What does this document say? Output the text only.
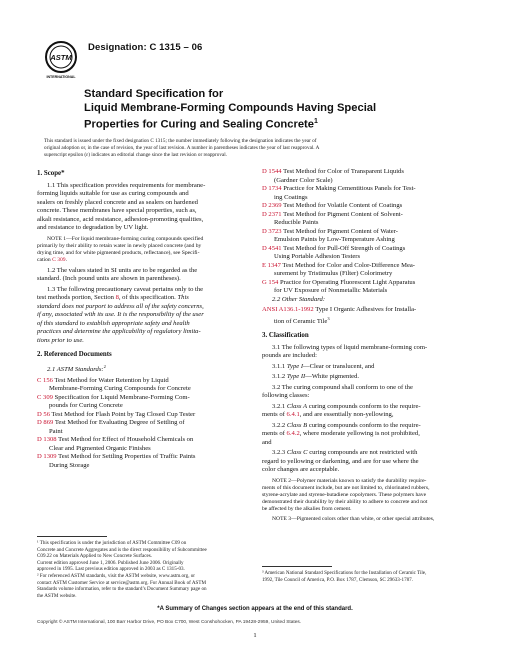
ASTM
INTERNATIONAL
Designation: C 1315 – 06
Standard Specification for
Liquid Membrane-Forming Compounds Having Special
Properties for Curing and Sealing Concrete$^1$
This standard is issued under the fixed designation C 1315; the number immediately following the designation indicates the year of
original adoption or, in the case of revision, the year of last revision. A number in parentheses indicates the year of last reapproval. A
superscript epsilon (ε) indicates an editorial change since the last revision or reapproval.
1. Scope*
1.1 This specification provides requirements for membrane-
forming liquids suitable for use as curing compounds and
sealers on freshly placed concrete and as sealers on hardened
concrete. These membranes have special properties, such as,
alkali resistance, acid resistance, adhesion-promoting qualities,
and resistance to degradation by UV light.
NOTE 1—For liquid membrane-forming curing compounds specified
primarily by their ability to retain water in newly placed concrete (and by
drying time, and for white pigmented products, reflectance), see Specifi-
cation C 309.
1.2 The values stated in SI units are to be regarded as the
standard. (Inch pound units are shown in parentheses).
1.3 The following precautionary caveat pertains only to the
test methods portion, Section 8, of this specification. This
standard does not purport to address all of the safety concerns,
if any, associated with its use. It is the responsibility of the user
of this standard to establish appropriate safety and health
practices and determine the applicability of regulatory limita-
tions prior to use.
2. Referenced Documents
2.1 ASTM Standards:$^2$
C 156 Test Method for Water Retention by Liquid
Membrane-Forming Curing Compounds for Concrete
C 309 Specification for Liquid Membrane-Forming Com-
pounds for Curing Concrete
D 56 Test Method for Flash Point by Tag Closed Cup Tester
D 869 Test Method for Evaluating Degree of Settling of
Paint
D 1308 Test Method for Effect of Household Chemicals on
Clear and Pigmented Organic Finishes
D 1309 Test Method for Settling Properties of Traffic Paints
During Storage
D 1544 Test Method for Color of Transparent Liquids
(Gardner Color Scale)
D 1734 Practice for Making Cementitious Panels for Test-
ing Coatings
D 2369 Test Method for Volatile Content of Coatings
D 2371 Test Method for Pigment Content of Solvent-
Reducible Paints
D 3723 Test Method for Pigment Content of Water-
Emulsion Paints by Low-Temperature Ashing
D 4541 Test Method for Pull-Off Strength of Coatings
Using Portable Adhesion Testers
E 1347 Test Method for Color and Color-Difference Mea-
surement by Tristimulus (Filter) Colorimetry
G 154 Practice for Operating Fluorescent Light Apparatus
for UV Exposure of Nonmetallic Materials
2.2 Other Standard:
ANSI A136.1-1992 Type I Organic Adhesives for Installa-
tion of Ceramic Tile$^3$
3. Classification
3.1 The following types of liquid membrane-forming com-
pounds are included:
3.1.1 Type I—Clear or translucent, and
3.1.2 Type II—White pigmented.
3.2 The curing compound shall conform to one of the
following classes:
3.2.1 Class A curing compounds conform to the require-
ments of 6.4.1, and are essentially non-yellowing,
3.2.2 Class B curing compounds conform to the require-
ments of 6.4.2, where moderate yellowing is not prohibited,
and
3.2.3 Class C curing compounds are not restricted with
regard to yellowing or darkening, and are for use where the
color changes are acceptable.
NOTE 2—Polymer materials known to satisfy the durability require-
ments of this document include, but are not limited to, chlorinated rubbers,
styrene-acrylate and styrene-butadiene copolymers. These polymers have
demonstrated their durability by their ability to adhere to concrete and not
be affected by the alkalies from cement.
NOTE 3—Pigmented colors other than white, or other special attributes,
¹ This specification is under the jurisdiction of ASTM Committee C09 on
Concrete and Concrete Aggregates and is the direct responsibility of Subcommittee
C09.22 on Materials Applied to New Concrete Surfaces.
Current edition approved June 1, 2006. Published June 2006. Originally
approved in 1995. Last previous edition approved in 2003 as C 1315-03.
² For referenced ASTM standards, visit the ASTM website, www.astm.org, or
contact ASTM Customer Service at service@astm.org. For Annual Book of ASTM
Standards volume information, refer to the standard’s Document Summary page on
the ASTM website.
³ American National Standard Specifications for the Installation of Ceramic Tile,
1992, Tile Council of America, P.O. Box 1787, Clemson, SC 29633-1787.
*A Summary of Changes section appears at the end of this standard.
Copyright © ASTM International, 100 Barr Harbor Drive, PO Box C700, West Conshohocken, PA 19428-2959, United States.
1
